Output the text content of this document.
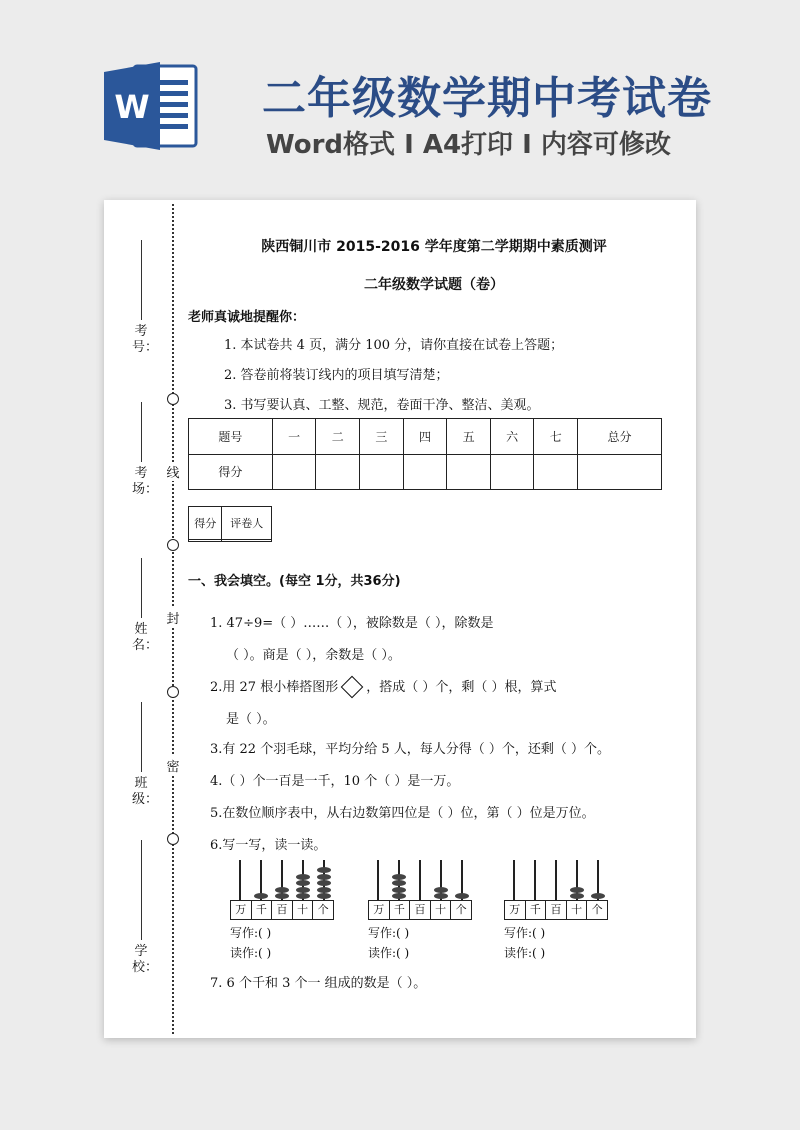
W	二年级数学期中考试卷
Word格式 I A4打印 I 内容可修改
线
封
密
考号：
考场：
姓名：
班级：
学校：
陕西铜川市 2015-2016 学年度第二学期期中素质测评
二年级数学试题（卷）
老师真诚地提醒你：
1. 本试卷共 4 页，满分 100 分，请你直接在试卷上答题；
2. 答卷前将装订线内的项目填写清楚；
3. 书写要认真、工整、规范，卷面干净、整洁、美观。
题号	一	二	三	四	五	六	七	总分
得分								
得分	评卷人

一、我会填空。(每空 1分，共36分)
1. 47÷9=（ ）……（ ），被除数是（ ），除数是
（ ）。商是（ ），余数是（ ）。
2.用 27 根小棒搭图形 ，搭成（ ）个，剩（ ）根，算式
是（ ）。
3.有 22 个羽毛球，平均分给 5 人，每人分得（ ）个，还剩（ ）个。
4.（ ）个一百是一千，10 个（ ）是一万。
5.在数位顺序表中，从右边数第四位是（ ）位，第（ ）位是万位。
6.写一写，读一读。
万 千 百 十 个
写作:( )
读作:( )
万 千 百 十 个
写作:( )
读作:( )
万 千 百 十 个
写作:( )
读作:( )
7. 6 个千和 3 个一 组成的数是（ ）。
